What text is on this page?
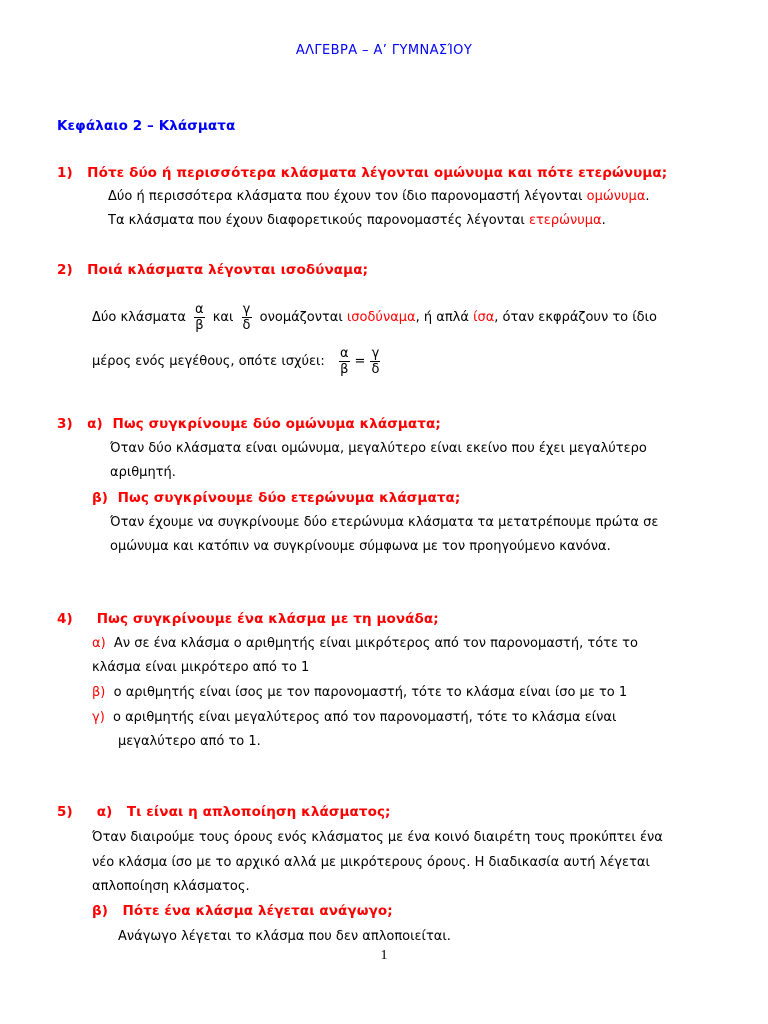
ΑΛΓΕΒΡΑ – Α’ ΓΥΜΝΑΣΊΟΥ
Κεφάλαιο 2 – Κλάσματα
1) Πότε δύο ή περισσότερα κλάσματα λέγονται ομώνυμα και πότε ετερώνυμα;
Δύο ή περισσότερα κλάσματα που έχουν τον ίδιο παρονομαστή λέγονται ομώνυμα.
Τα κλάσματα που έχουν διαφορετικούς παρονομαστές λέγονται ετερώνυμα.
2) Ποιά κλάσματα λέγονται ισοδύναμα;
Δύο κλάσματα $\frac{\alpha}{\beta}$ και $\frac{\gamma}{\delta}$ ονομάζονται ισοδύναμα, ή απλά ίσα, όταν εκφράζουν το ίδιο
μέρος ενός μεγέθους, οπότε ισχύει: $\frac{\alpha}{\beta} = \frac{\gamma}{\delta}$
3) α) Πως συγκρίνουμε δύο ομώνυμα κλάσματα;
Όταν δύο κλάσματα είναι ομώνυμα, μεγαλύτερο είναι εκείνο που έχει μεγαλύτερο
αριθμητή.
β) Πως συγκρίνουμε δύο ετερώνυμα κλάσματα;
Όταν έχουμε να συγκρίνουμε δύο ετερώνυμα κλάσματα τα μετατρέπουμε πρώτα σε
ομώνυμα και κατόπιν να συγκρίνουμε σύμφωνα με τον προηγούμενο κανόνα.
4) Πως συγκρίνουμε ένα κλάσμα με τη μονάδα;
α) Αν σε ένα κλάσμα ο αριθμητής είναι μικρότερος από τον παρονομαστή, τότε το
κλάσμα είναι μικρότερο από το 1
β) ο αριθμητής είναι ίσος με τον παρονομαστή, τότε το κλάσμα είναι ίσο με το 1
γ) ο αριθμητής είναι μεγαλύτερος από τον παρονομαστή, τότε το κλάσμα είναι
μεγαλύτερο από το 1.
5) α) Τι είναι η απλοποίηση κλάσματος;
Όταν διαιρούμε τους όρους ενός κλάσματος με ένα κοινό διαιρέτη τους προκύπτει ένα
νέο κλάσμα ίσο με το αρχικό αλλά με μικρότερους όρους. Η διαδικασία αυτή λέγεται
απλοποίηση κλάσματος.
β) Πότε ένα κλάσμα λέγεται ανάγωγο;
Ανάγωγο λέγεται το κλάσμα που δεν απλοποιείται.
1
